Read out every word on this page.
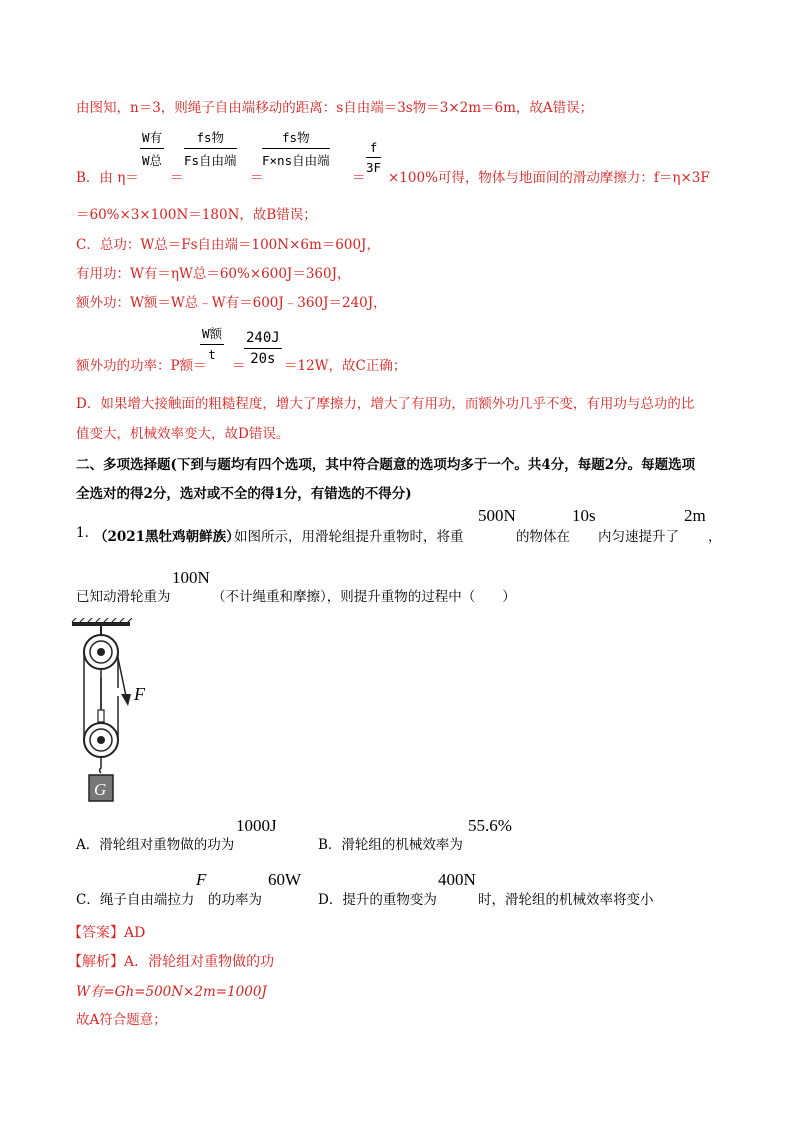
由图知，n＝3，则绳子自由端移动的距离：s自由端＝3s物＝3×2m＝6m，故A错误；
W有
W总
fs物
Fs自由端
fs物
F×ns自由端	$\frac{f}{3F}$
B．由 η＝ ＝	＝	＝ ×100%可得，物体与地面间的滑动摩擦力：f＝η×3F
＝60%×3×100N＝180N，故B错误；
C．总功：W总＝Fs自由端＝100N×6m＝600J，
有用功：W有＝ηW总＝60%×600J＝360J，
额外功：W额＝W总﹣W有＝600J﹣360J＝240J，
W额
t	$\frac{240J}{20s}$
额外功的功率：P额＝ ＝	＝12W，故C正确；
D．如果增大接触面的粗糙程度，增大了摩擦力，增大了有用功，而额外功几乎不变，有用功与总功的比
值变大，机械效率变大，故D错误。
二、多项选择题(下到与题均有四个选项，其中符合题意的选项均多于一个。共4分，每题2分。每题选项
全选对的得2分，选对或不全的得1分，有错选的不得分)
1. （2021黑牡鸡朝鲜族）
如图所示，用滑轮组提升重物时，将重
500N
的物体在
10s
内匀速提升了
2m
，
已知动滑轮重为
100N
（不计绳重和摩擦），则提升重物的过程中（　　）
F
G
A．滑轮组对重物做的功为
1000J
B．滑轮组的机械效率为
55.6%
C．绳子自由端拉力
F
的功率为
60W
D．提升的重物变为
400N
时，滑轮组的机械效率将变小
【答案】AD
【解析】A．滑轮组对重物做的功
W有=Gh=500N×2m=1000J
故A符合题意；
